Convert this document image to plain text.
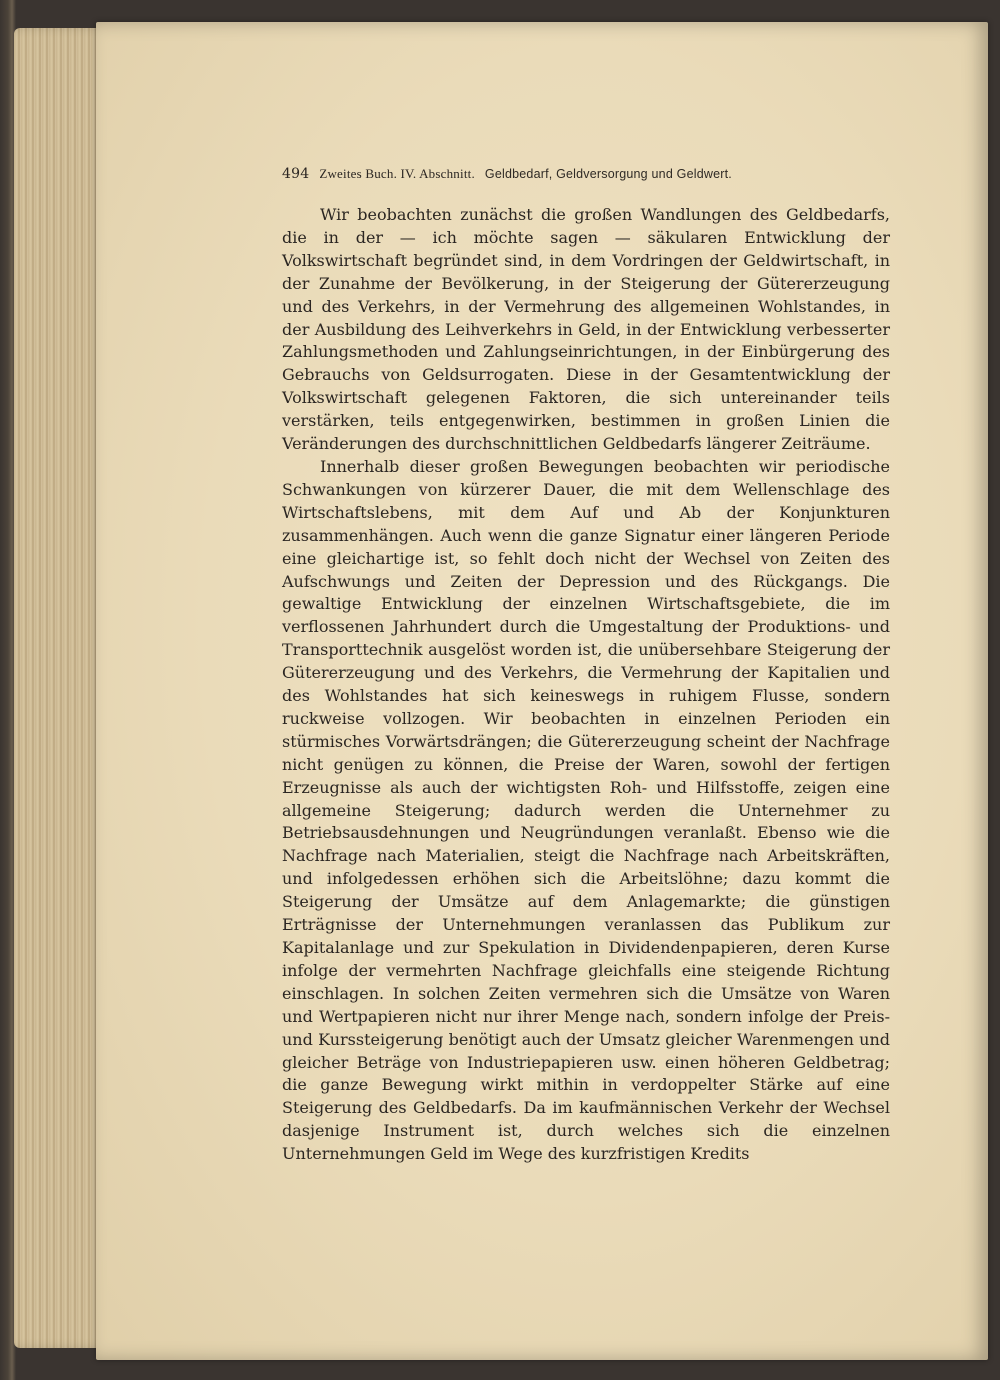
494 Zweites Buch. IV. Abschnitt. Geldbedarf, Geldversorgung und Geldwert.

Wir beobachten zunächst die großen Wandlungen des Geldbedarfs, die in der — ich möchte sagen — säkularen Entwicklung der Volkswirtschaft begründet sind, in dem Vordringen der Geldwirtschaft, in der Zunahme der Bevölkerung, in der Steigerung der Gütererzeugung und des Verkehrs, in der Vermehrung des allgemeinen Wohlstandes, in der Ausbildung des Leihverkehrs in Geld, in der Entwicklung verbesserter Zahlungsmethoden und Zahlungseinrichtungen, in der Einbürgerung des Gebrauchs von Geldsurrogaten. Diese in der Gesamtentwicklung der Volkswirtschaft gelegenen Faktoren, die sich untereinander teils verstärken, teils entgegenwirken, bestimmen in großen Linien die Veränderungen des durchschnittlichen Geldbedarfs längerer Zeiträume.

Innerhalb dieser großen Bewegungen beobachten wir periodische Schwankungen von kürzerer Dauer, die mit dem Wellenschlage des Wirtschaftslebens, mit dem Auf und Ab der Konjunkturen zusammenhängen. Auch wenn die ganze Signatur einer längeren Periode eine gleichartige ist, so fehlt doch nicht der Wechsel von Zeiten des Aufschwungs und Zeiten der Depression und des Rückgangs. Die gewaltige Entwicklung der einzelnen Wirtschaftsgebiete, die im verflossenen Jahrhundert durch die Umgestaltung der Produktions- und Transporttechnik ausgelöst worden ist, die unübersehbare Steigerung der Gütererzeugung und des Verkehrs, die Vermehrung der Kapitalien und des Wohlstandes hat sich keineswegs in ruhigem Flusse, sondern ruckweise vollzogen. Wir beobachten in einzelnen Perioden ein stürmisches Vorwärtsdrängen; die Gütererzeugung scheint der Nachfrage nicht genügen zu können, die Preise der Waren, sowohl der fertigen Erzeugnisse als auch der wichtigsten Roh- und Hilfsstoffe, zeigen eine allgemeine Steigerung; dadurch werden die Unternehmer zu Betriebsausdehnungen und Neugründungen veranlaßt. Ebenso wie die Nachfrage nach Materialien, steigt die Nachfrage nach Arbeitskräften, und infolgedessen erhöhen sich die Arbeitslöhne; dazu kommt die Steigerung der Umsätze auf dem Anlagemarkte; die günstigen Erträgnisse der Unternehmungen veranlassen das Publikum zur Kapitalanlage und zur Spekulation in Dividendenpapieren, deren Kurse infolge der vermehrten Nachfrage gleichfalls eine steigende Richtung einschlagen. In solchen Zeiten vermehren sich die Umsätze von Waren und Wertpapieren nicht nur ihrer Menge nach, sondern infolge der Preis- und Kurssteigerung benötigt auch der Umsatz gleicher Warenmengen und gleicher Beträge von Industriepapieren usw. einen höheren Geldbetrag; die ganze Bewegung wirkt mithin in verdoppelter Stärke auf eine Steigerung des Geldbedarfs. Da im kaufmännischen Verkehr der Wechsel dasjenige Instrument ist, durch welches sich die einzelnen Unternehmungen Geld im Wege des kurzfristigen Kredits
